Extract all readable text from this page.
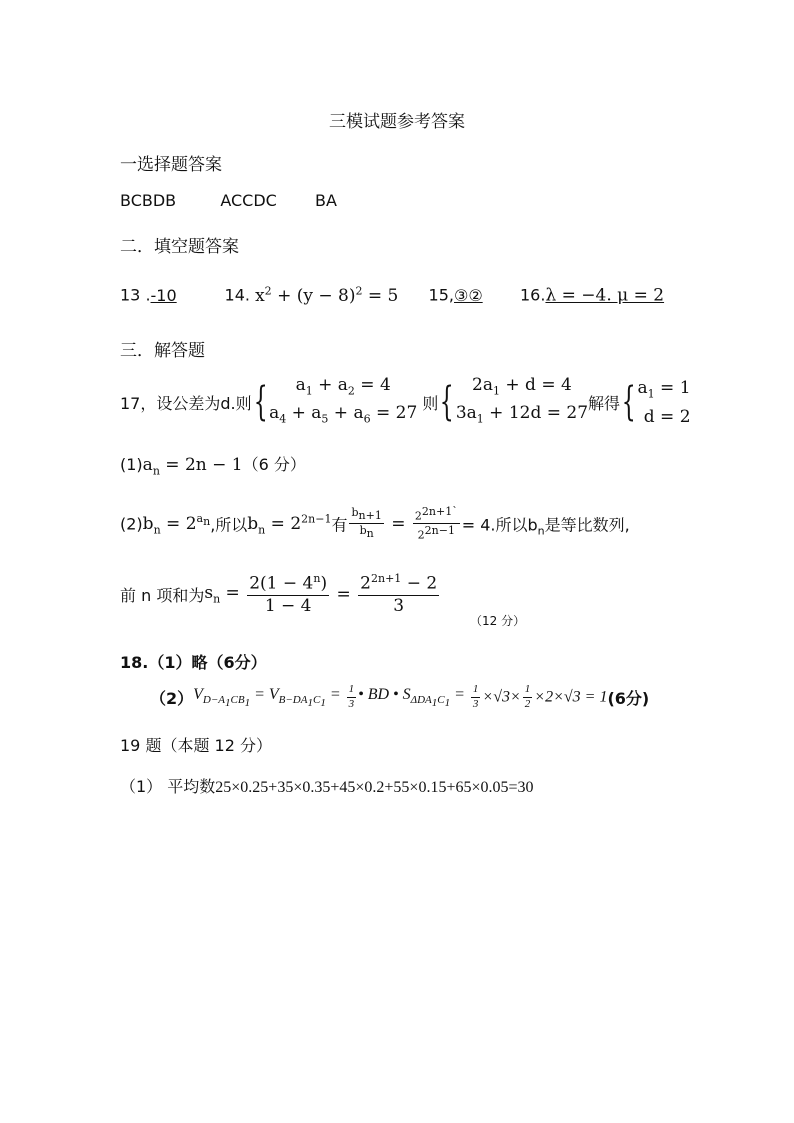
三模试题参考答案
一选择题答案
BCBDB	ACCDC BA
二．填空题答案
13 .-10	14. $x^2 + (y - 8)^2 = 5$ 15,③② 16.λ = −4. μ = 2
三．解答题
17，设公差为d.则 {	$a_1 + a_2 = 4$
$a_4 + a_5 + a_6 = 27$ 则 {	$2a_1 + d = 4$
$3a_1 + 12d = 27$ 解得 { $a_1 = 1$
d = 2
$(1)a_n = 2n - 1(6$ 分）
$(2)b_n = 2^{a_n}$,所以$b_n = 2^{2n-1}$有 $\frac{b_{n+1}}{b_n} = \frac{2^{2n+1`}}{2^{2n-1}} = 4$.所以$b_n$是等比数列,
前 n 项和为$s_n = \frac{2(1 - 4^n)}{1 - 4} = \frac{2^{2n+1} - 2}{3}$
（12 分）
18.（1）略（6分）
$(2)V_{D-A_1CB_1} = V_{B-DA_1C_1} = \frac{1}{3}$ • BD • $S_{\Delta DA_1C_1} = \frac{1}{3} \times√3\times \frac{1}{2} \times 2\times√3 = 1(6$分)
19 题（本题 12 分）
（1） 平均数25×0.25+35×0.35+45×0.2+55×0.15+65×0.05=30
